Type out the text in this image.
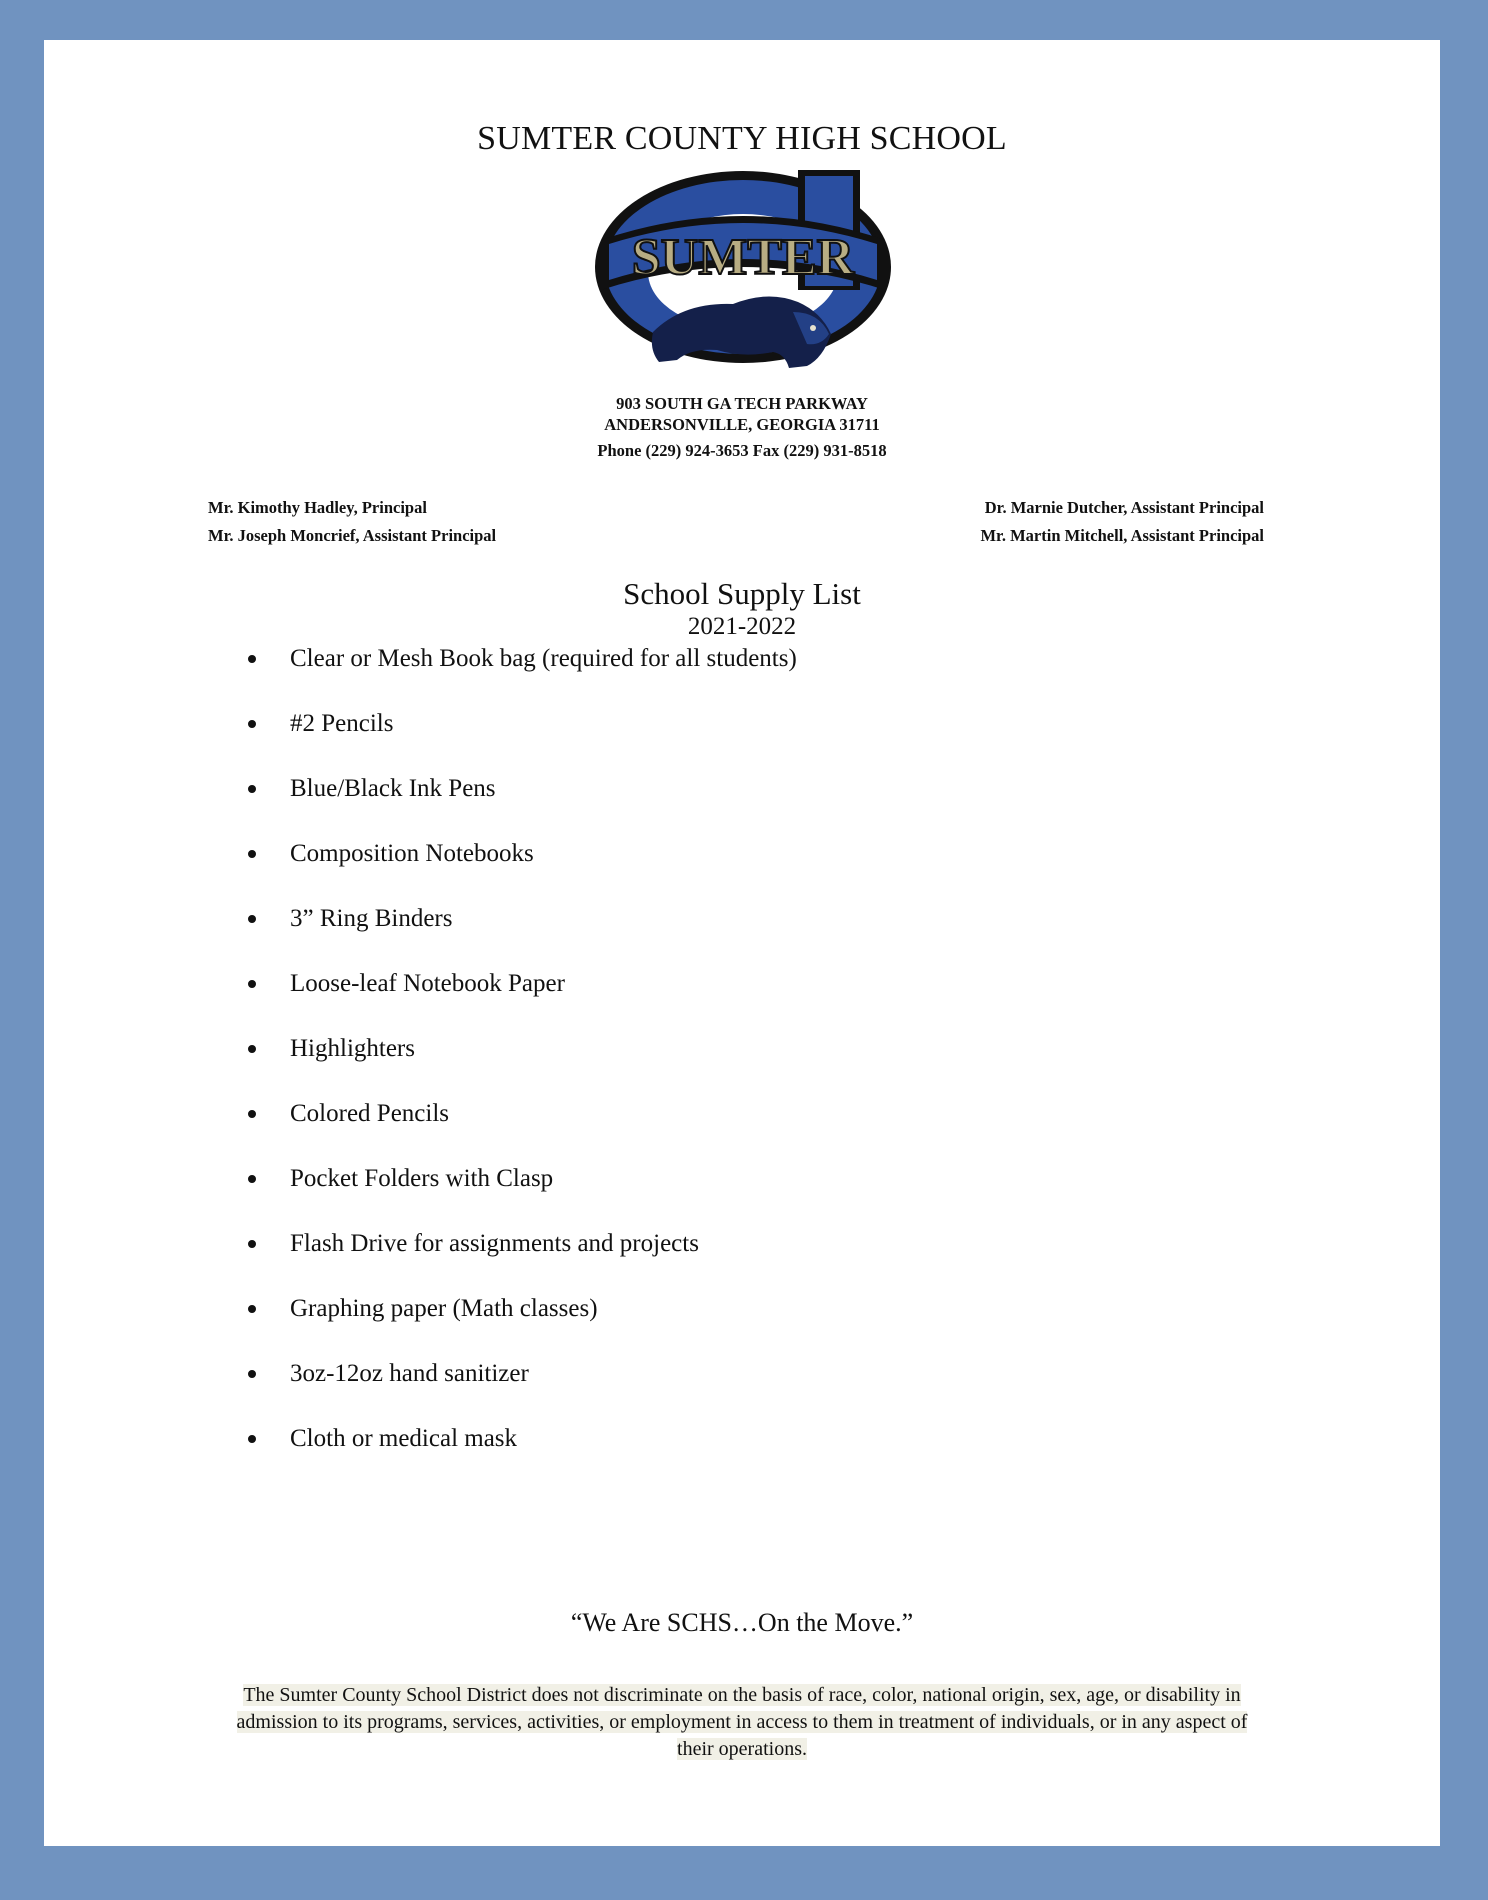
SUMTER COUNTY HIGH SCHOOL
SUMTER
903 SOUTH GA TECH PARKWAY
ANDERSONVILLE, GEORGIA 31711
Phone (229) 924-3653 Fax (229) 931-8518
Mr. Kimothy Hadley, Principal
Mr. Joseph Moncrief, Assistant Principal
Dr. Marnie Dutcher, Assistant Principal
Mr. Martin Mitchell, Assistant Principal
School Supply List
2021-2022
Clear or Mesh Book bag (required for all students)
#2 Pencils
Blue/Black Ink Pens
Composition Notebooks
3” Ring Binders
Loose-leaf Notebook Paper
Highlighters
Colored Pencils
Pocket Folders with Clasp
Flash Drive for assignments and projects
Graphing paper (Math classes)
3oz-12oz hand sanitizer
Cloth or medical mask
“We Are SCHS…On the Move.”
The Sumter County School District does not discriminate on the basis of race, color, national origin, sex, age, or disability in admission to its programs, services, activities, or employment in access to them in treatment of individuals, or in any aspect of their operations.
